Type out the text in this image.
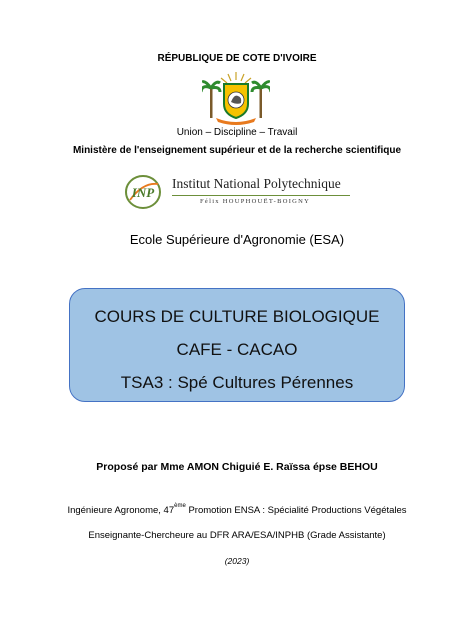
RÉPUBLIQUE DE COTE D'IVOIRE
Union – Discipline – Travail
Ministère de l'enseignement supérieur et de la recherche scientifique
INP
Institut National Polytechnique
Félix HOUPHOUËT-BOIGNY
Ecole Supérieure d'Agronomie (ESA)
COURS DE CULTURE BIOLOGIQUE
CAFE - CACAO
TSA3 : Spé Cultures Pérennes
Proposé par Mme AMON Chiguié E. Raïssa épse BEHOU
Ingénieure Agronome, 47ème Promotion ENSA : Spécialité Productions Végétales
Enseignante-Chercheure au DFR ARA/ESA/INPHB (Grade Assistante)
(2023)
